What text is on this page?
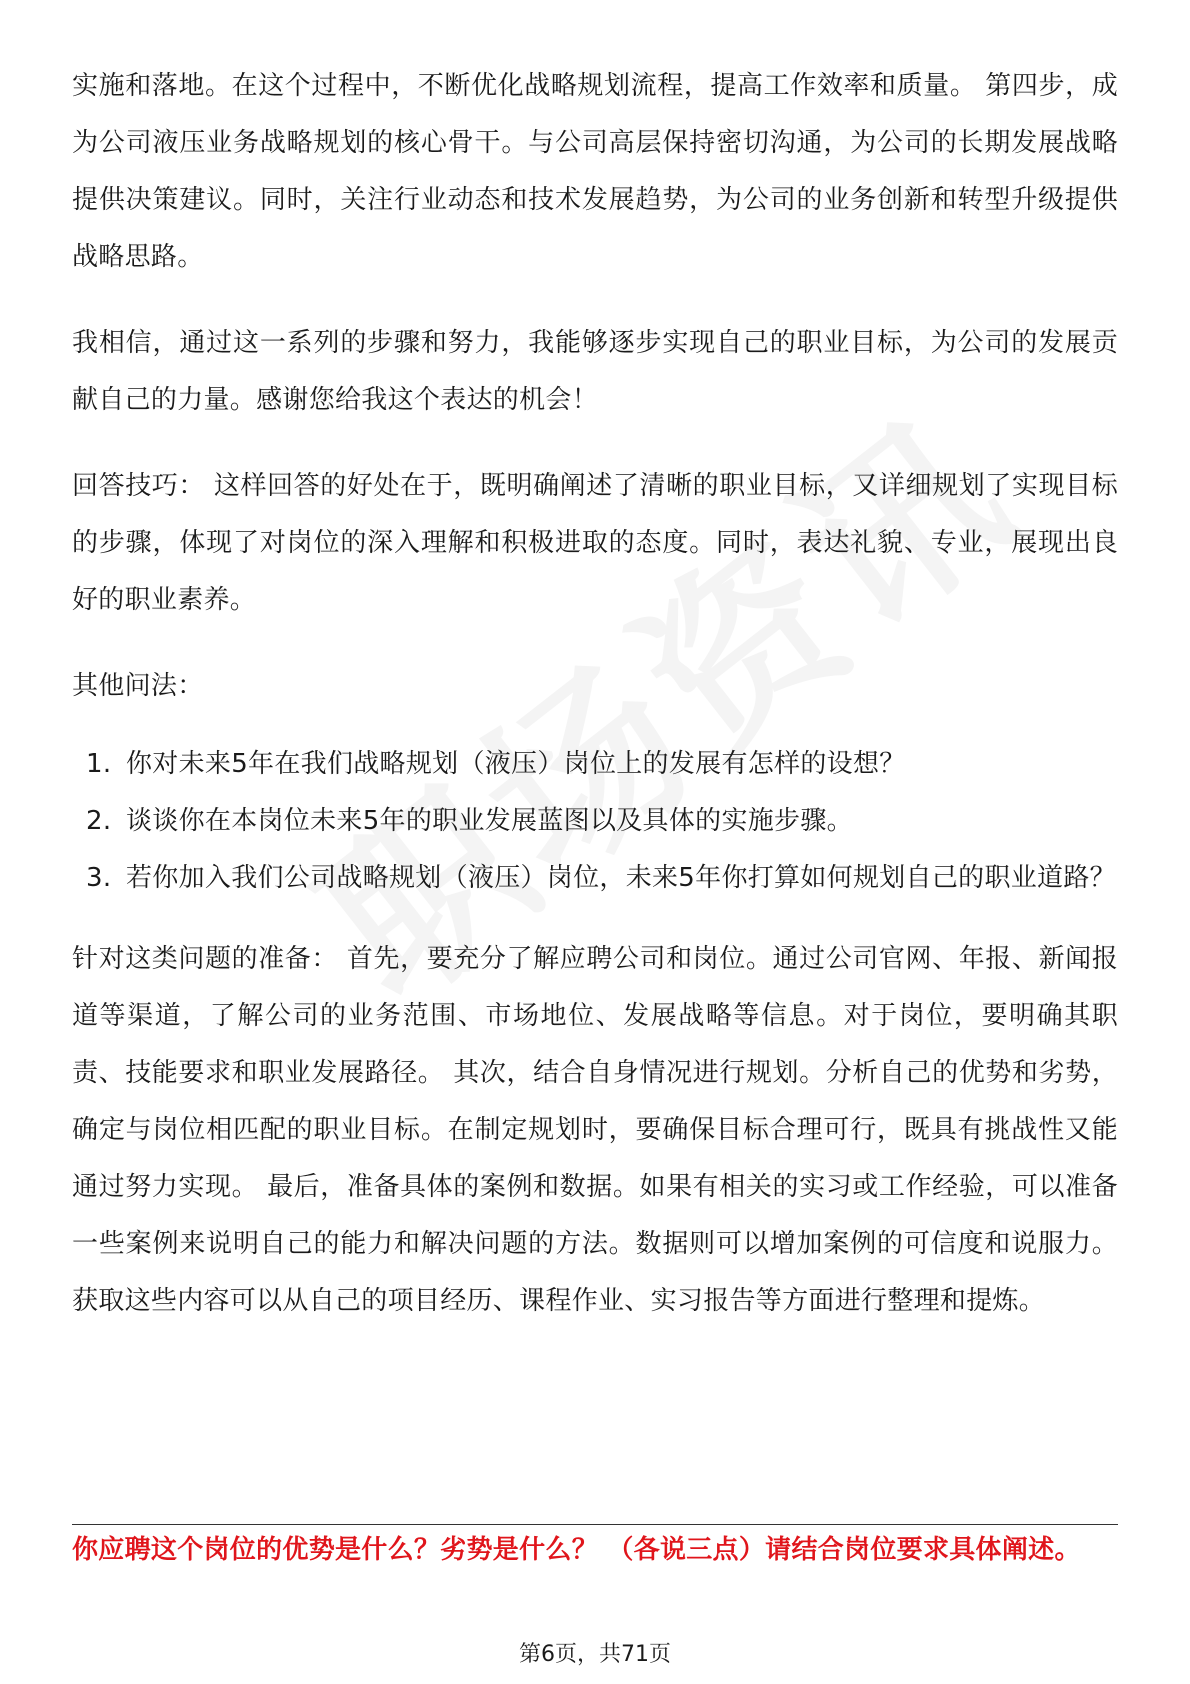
实施和落地。在这个过程中，不断优化战略规划流程，提高工作效率和质量。 第四步，成为公司液压业务战略规划的核心骨干。与公司高层保持密切沟通，为公司的长期发展战略提供决策建议。同时，关注行业动态和技术发展趋势，为公司的业务创新和转型升级提供战略思路。

我相信，通过这一系列的步骤和努力，我能够逐步实现自己的职业目标，为公司的发展贡献自己的力量。感谢您给我这个表达的机会！

回答技巧： 这样回答的好处在于，既明确阐述了清晰的职业目标，又详细规划了实现目标的步骤，体现了对岗位的深入理解和积极进取的态度。同时，表达礼貌、专业，展现出良好的职业素养。

其他问法：

1. 你对未来5年在我们战略规划（液压）岗位上的发展有怎样的设想？
2. 谈谈你在本岗位未来5年的职业发展蓝图以及具体的实施步骤。
3. 若你加入我们公司战略规划（液压）岗位，未来5年你打算如何规划自己的职业道路？

针对这类问题的准备： 首先，要充分了解应聘公司和岗位。通过公司官网、年报、新闻报道等渠道，了解公司的业务范围、市场地位、发展战略等信息。对于岗位，要明确其职责、技能要求和职业发展路径。 其次，结合自身情况进行规划。分析自己的优势和劣势，确定与岗位相匹配的职业目标。在制定规划时，要确保目标合理可行，既具有挑战性又能通过努力实现。 最后，准备具体的案例和数据。如果有相关的实习或工作经验，可以准备一些案例来说明自己的能力和解决问题的方法。数据则可以增加案例的可信度和说服力。获取这些内容可以从自己的项目经历、课程作业、实习报告等方面进行整理和提炼。

你应聘这个岗位的优势是什么？劣势是什么？ （各说三点）请结合岗位要求具体阐述。

第6页，共71页
